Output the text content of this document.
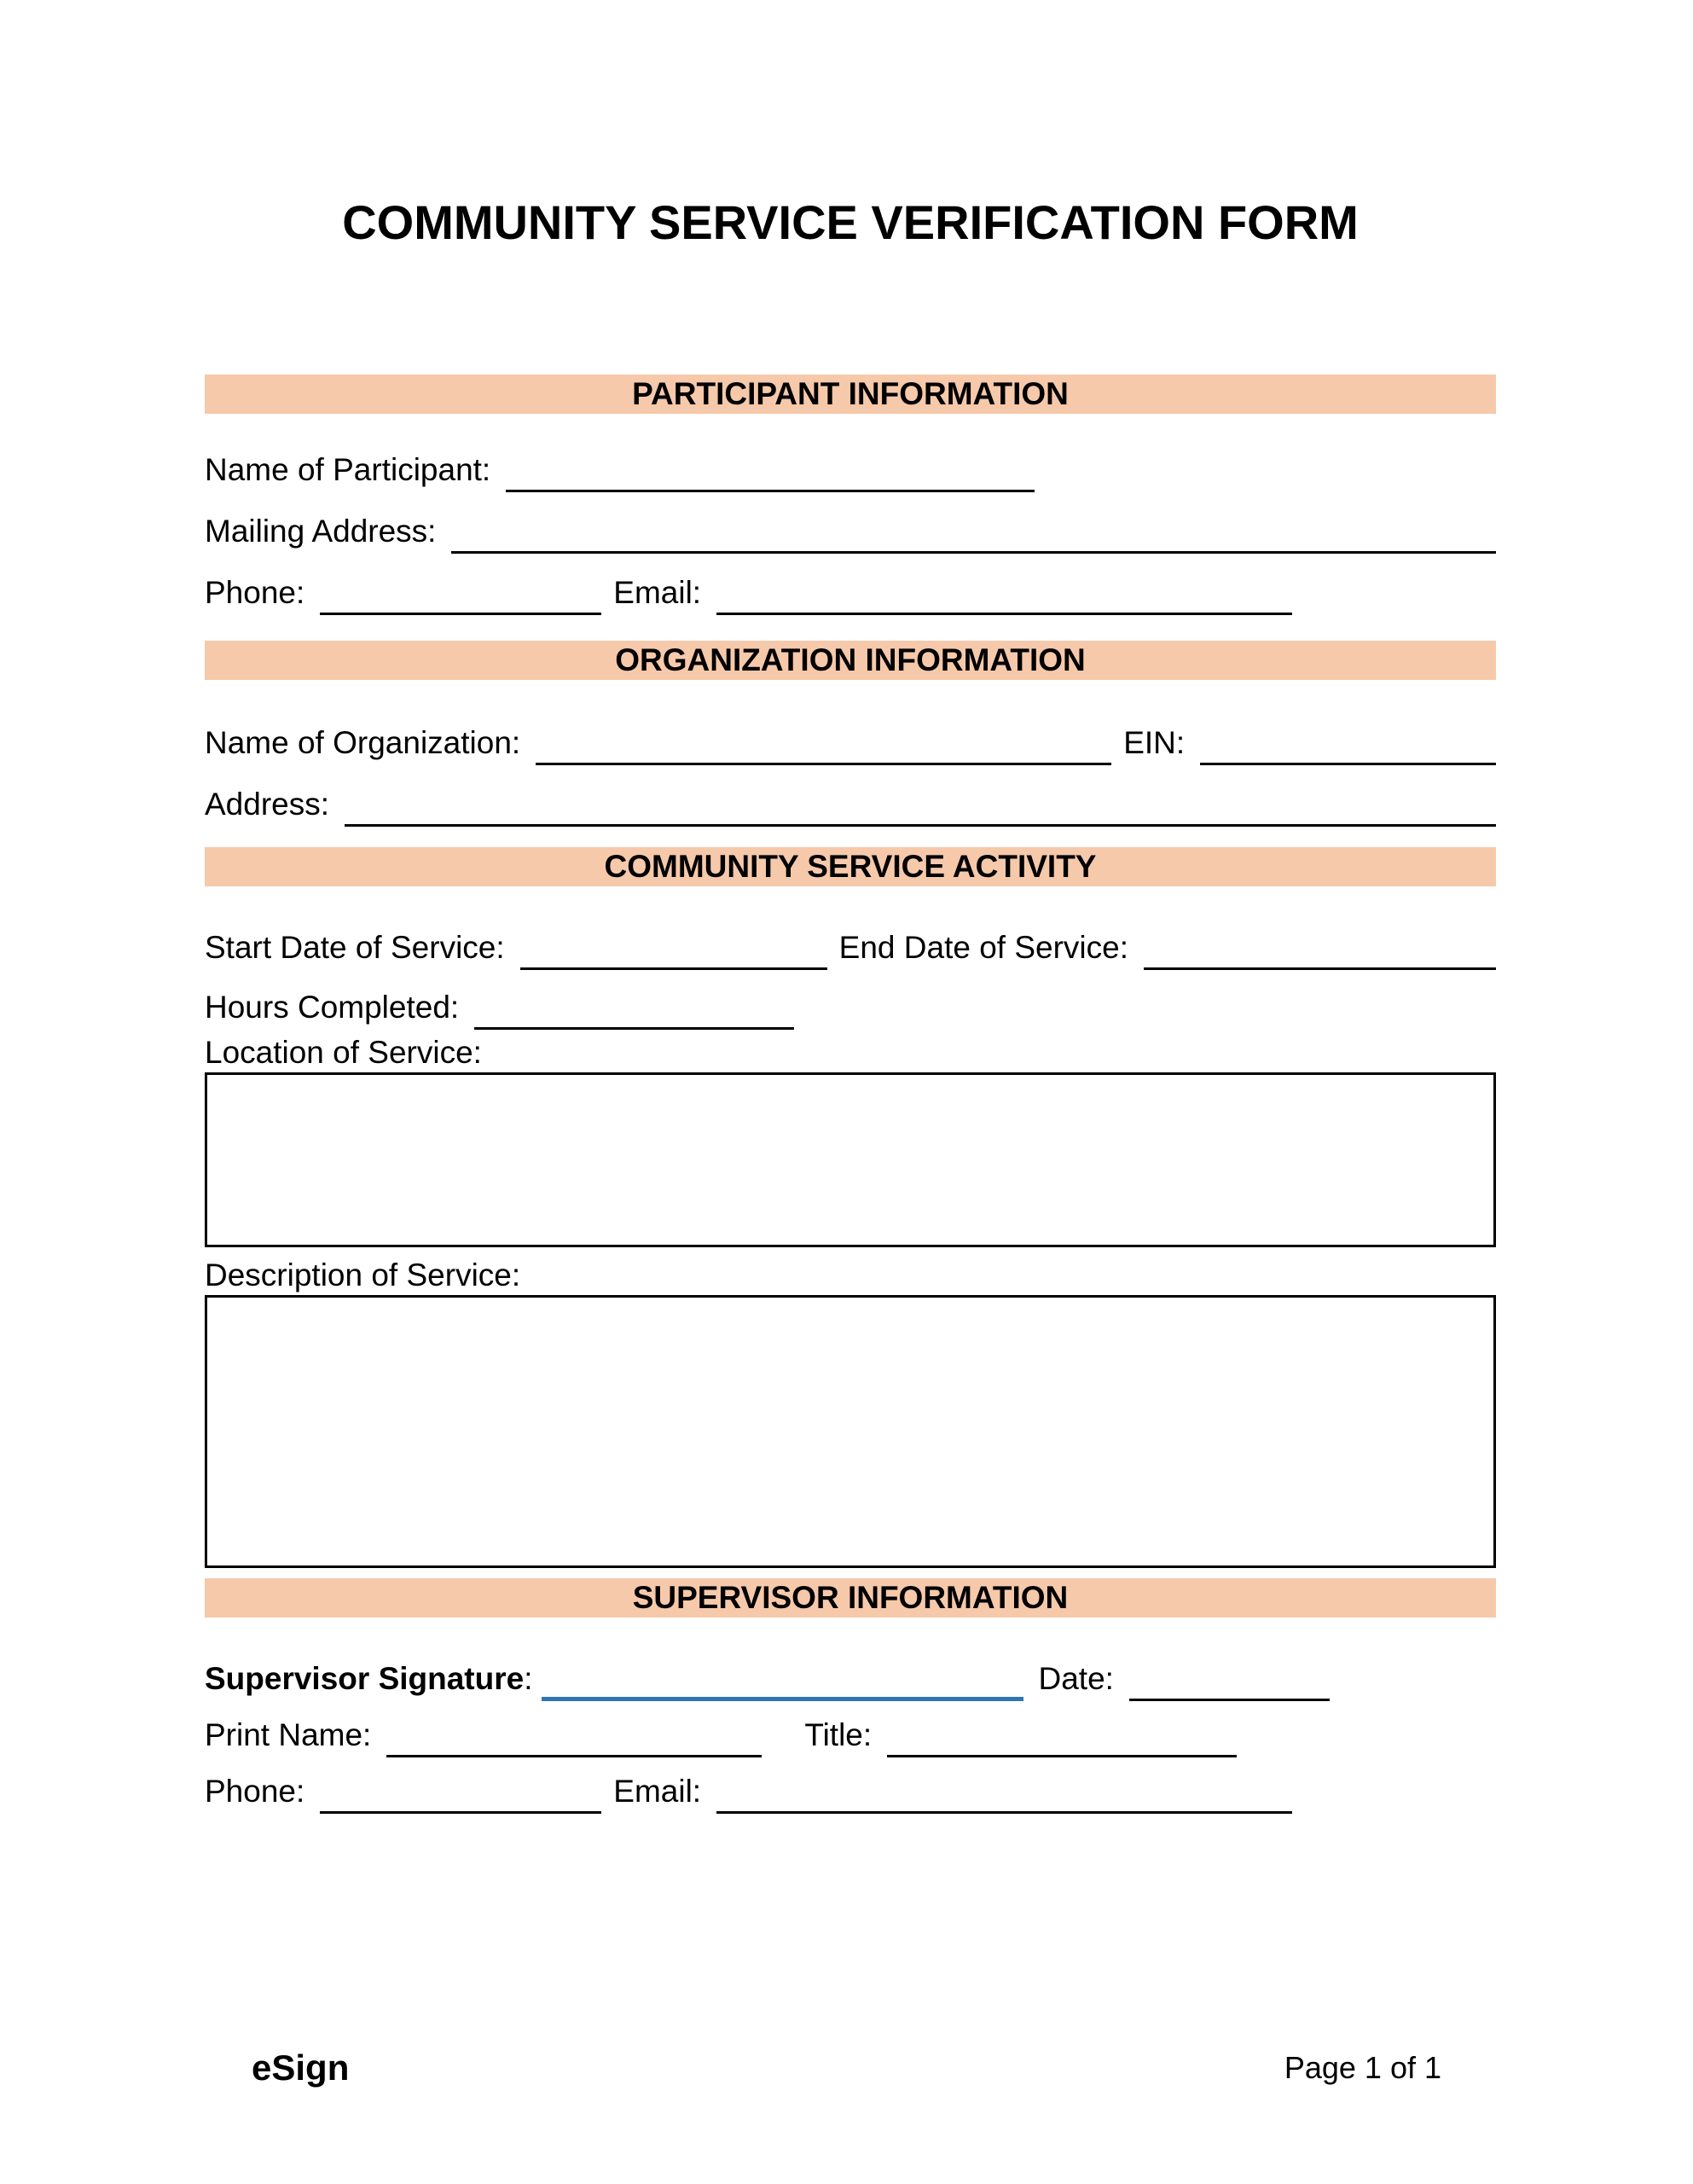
COMMUNITY SERVICE VERIFICATION FORM
PARTICIPANT INFORMATION
Name of Participant:
Mailing Address:
Phone:	Email:
ORGANIZATION INFORMATION
Name of Organization:	EIN:
Address:
COMMUNITY SERVICE ACTIVITY
Start Date of Service:	End Date of Service:
Hours Completed:
Location of Service:
Description of Service:
SUPERVISOR INFORMATION
Supervisor Signature:	Date:
Print Name:	Title:
Phone:	Email:
eSign	Page 1 of 1
